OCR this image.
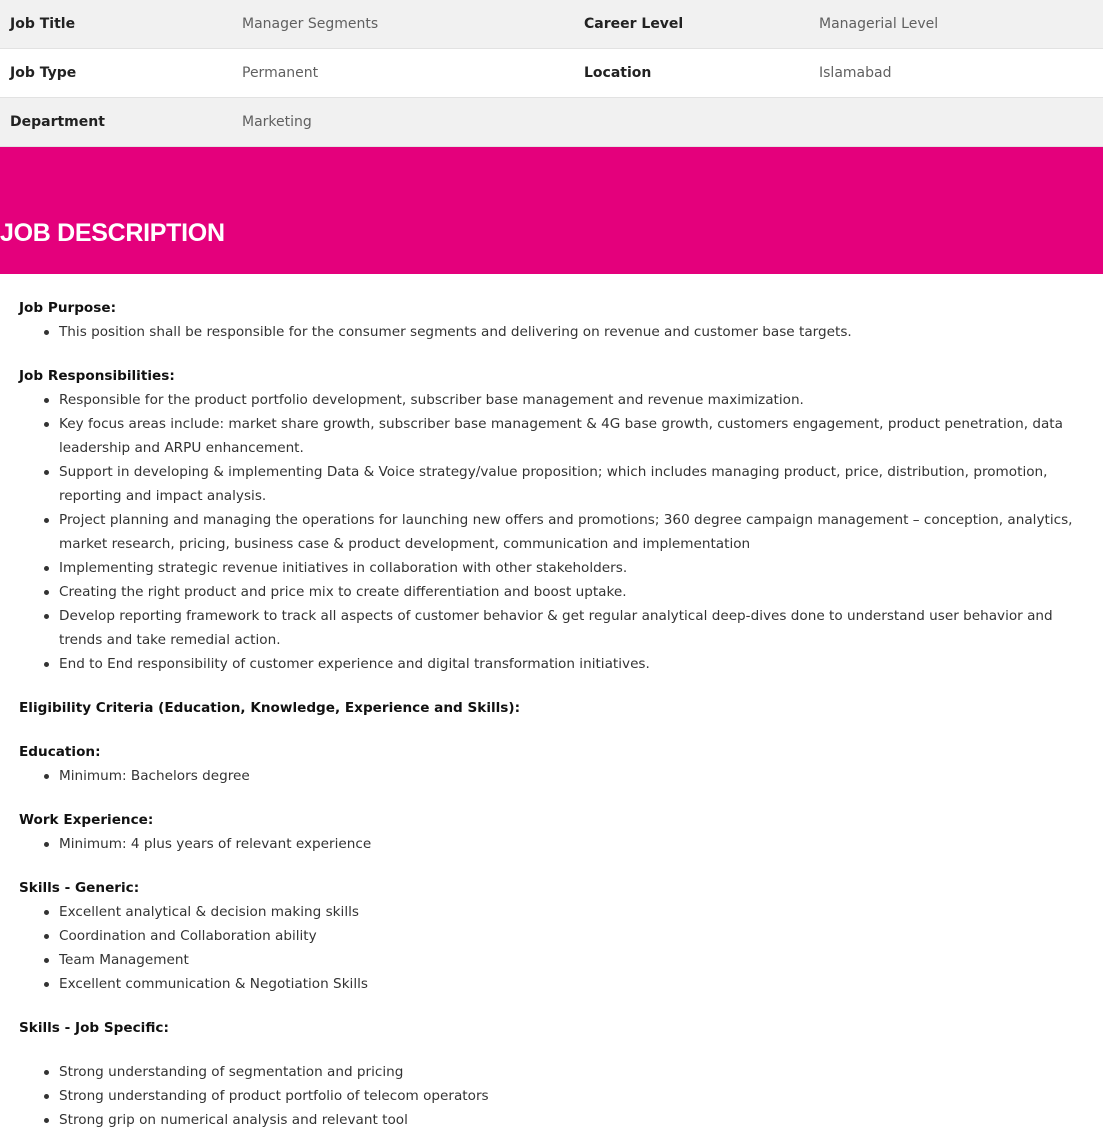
Job Title	Manager Segments	Career Level	Managerial Level
Job Type	Permanent	Location	Islamabad
Department	Marketing		
JOB DESCRIPTION

Job Purpose:

This position shall be responsible for the consumer segments and delivering on revenue and customer base targets.

Job Responsibilities:

Responsible for the product portfolio development, subscriber base management and revenue maximization.
Key focus areas include: market share growth, subscriber base management & 4G base growth, customers engagement, product penetration, data leadership and ARPU enhancement.
Support in developing & implementing Data & Voice strategy/value proposition; which includes managing product, price, distribution, promotion, reporting and impact analysis.
Project planning and managing the operations for launching new offers and promotions; 360 degree campaign management – conception, analytics, market research, pricing, business case & product development, communication and implementation
Implementing strategic revenue initiatives in collaboration with other stakeholders.
Creating the right product and price mix to create differentiation and boost uptake.
Develop reporting framework to track all aspects of customer behavior & get regular analytical deep-dives done to understand user behavior and trends and take remedial action.
End to End responsibility of customer experience and digital transformation initiatives.

Eligibility Criteria (Education, Knowledge, Experience and Skills):

Education:

Minimum: Bachelors degree

Work Experience:

Minimum: 4 plus years of relevant experience

Skills - Generic:

Excellent analytical & decision making skills
Coordination and Collaboration ability
Team Management
Excellent communication & Negotiation Skills

Skills - Job Specific:

Strong understanding of segmentation and pricing
Strong understanding of product portfolio of telecom operators
Strong grip on numerical analysis and relevant tool
